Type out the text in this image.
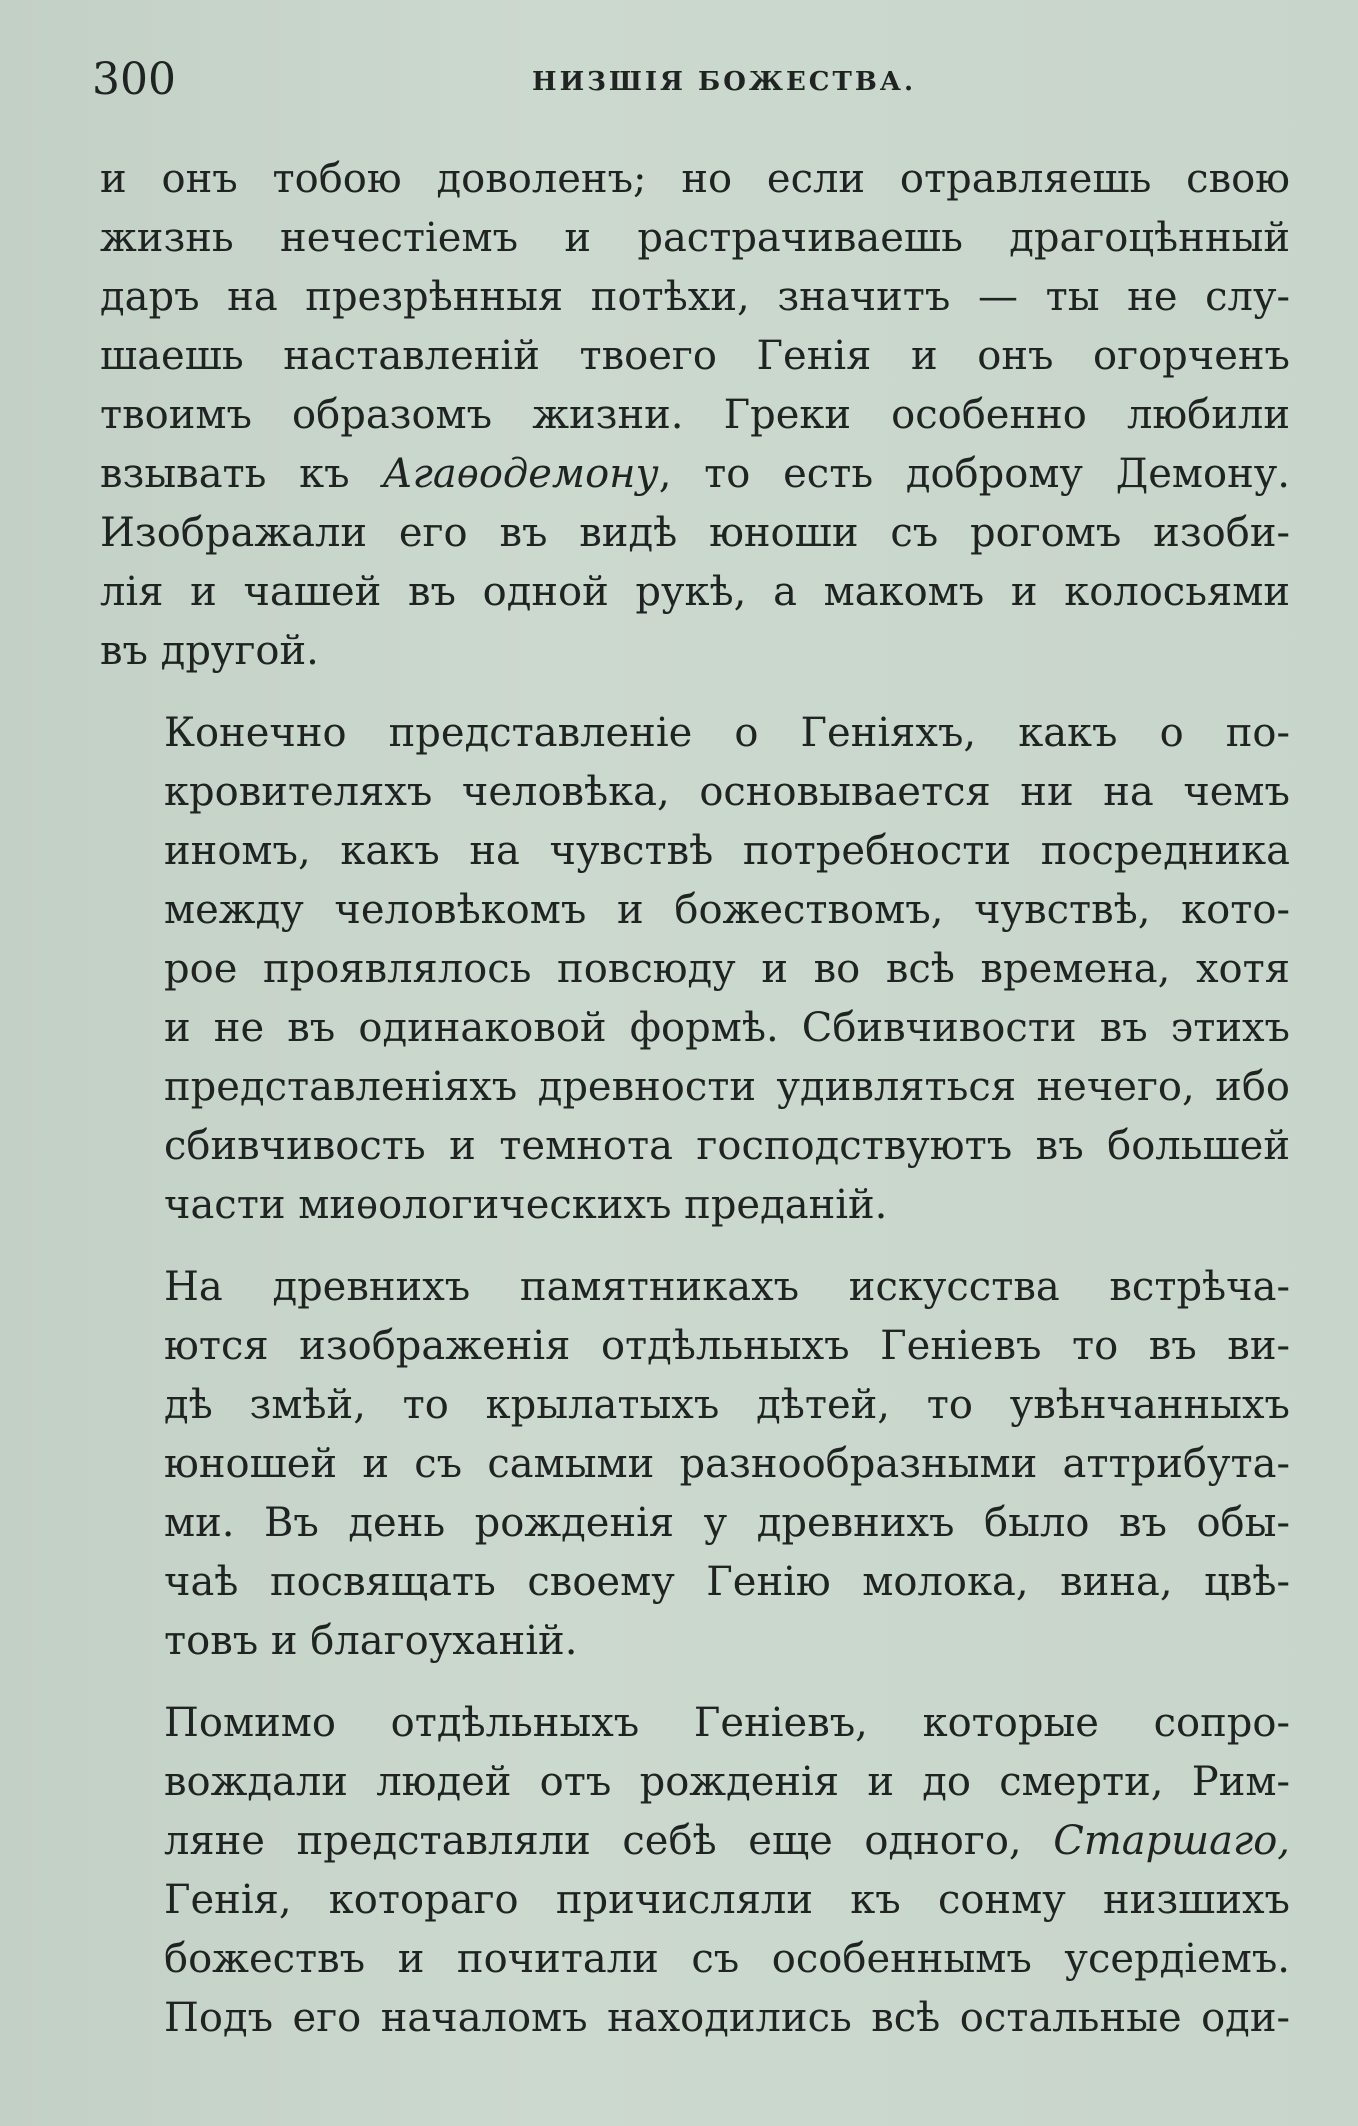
300	НИЗШІЯ БОЖЕСТВА.
и онъ тобою доволенъ; но если отравляешь свою
жизнь нечестіемъ и растрачиваешь драгоцѣнный
даръ на презрѣнныя потѣхи, значитъ — ты не слу-
шаешь наставленій твоего Генія и онъ огорченъ
твоимъ образомъ жизни. Греки особенно любили
взывать къ Агаѳодемону, то есть доброму Демону.
Изображали его въ видѣ юноши съ рогомъ изоби-
лія и чашей въ одной рукѣ, а макомъ и колосьями
въ другой.
Конечно представленіе о Геніяхъ, какъ о по-
кровителяхъ человѣка, основывается ни на чемъ
иномъ, какъ на чувствѣ потребности посредника
между человѣкомъ и божествомъ, чувствѣ, кото-
рое проявлялось повсюду и во всѣ времена, хотя
и не въ одинаковой формѣ. Сбивчивости въ этихъ
представленіяхъ древности удивляться нечего, ибо
сбивчивость и темнота господствуютъ въ большей
части миѳологическихъ преданій.
На древнихъ памятникахъ искусства встрѣча-
ются изображенія отдѣльныхъ Геніевъ то въ ви-
дѣ змѣй, то крылатыхъ дѣтей, то увѣнчанныхъ
юношей и съ самыми разнообразными аттрибута-
ми. Въ день рожденія у древнихъ было въ обы-
чаѣ посвящать своему Генію молока, вина, цвѣ-
товъ и благоуханій.
Помимо отдѣльныхъ Геніевъ, которые сопро-
вождали людей отъ рожденія и до смерти, Рим-
ляне представляли себѣ еще одного, Старшаго,
Генія, котораго причисляли къ сонму низшихъ
божествъ и почитали съ особеннымъ усердіемъ.
Подъ его началомъ находились всѣ остальные оди-
